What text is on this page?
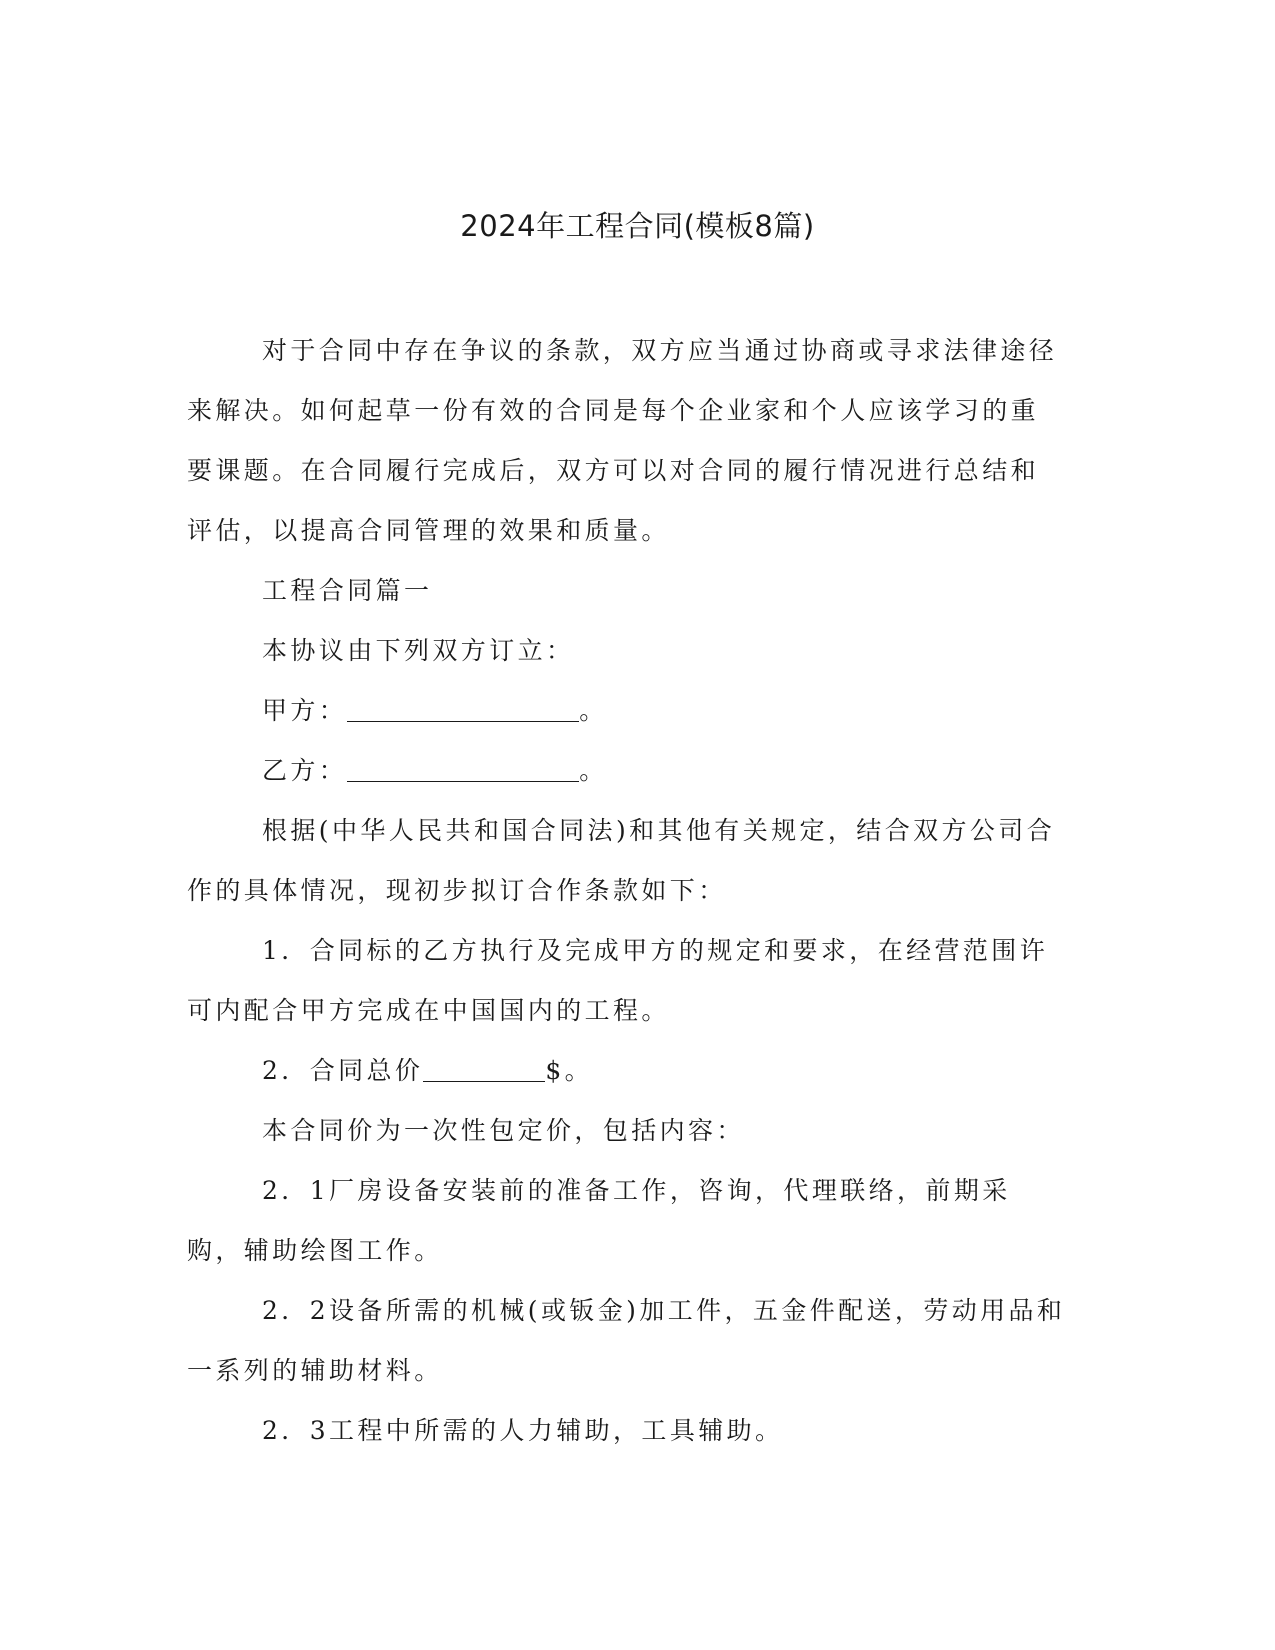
2024年工程合同(模板8篇)

对于合同中存在争议的条款，双方应当通过协商或寻求法律途径来解决。如何起草一份有效的合同是每个企业家和个人应该学习的重要课题。在合同履行完成后，双方可以对合同的履行情况进行总结和评估，以提高合同管理的效果和质量。

工程合同篇一

本协议由下列双方订立：

甲方：	。

乙方：	。

根据(中华人民共和国合同法)和其他有关规定，结合双方公司合作的具体情况，现初步拟订合作条款如下：

1．合同标的乙方执行及完成甲方的规定和要求，在经营范围许可内配合甲方完成在中国国内的工程。

2．合同总价	$。

本合同价为一次性包定价，包括内容：

2．1厂房设备安装前的准备工作，咨询，代理联络，前期采购，辅助绘图工作。

2．2设备所需的机械(或钣金)加工件，五金件配送，劳动用品和一系列的辅助材料。

2．3工程中所需的人力辅助，工具辅助。
